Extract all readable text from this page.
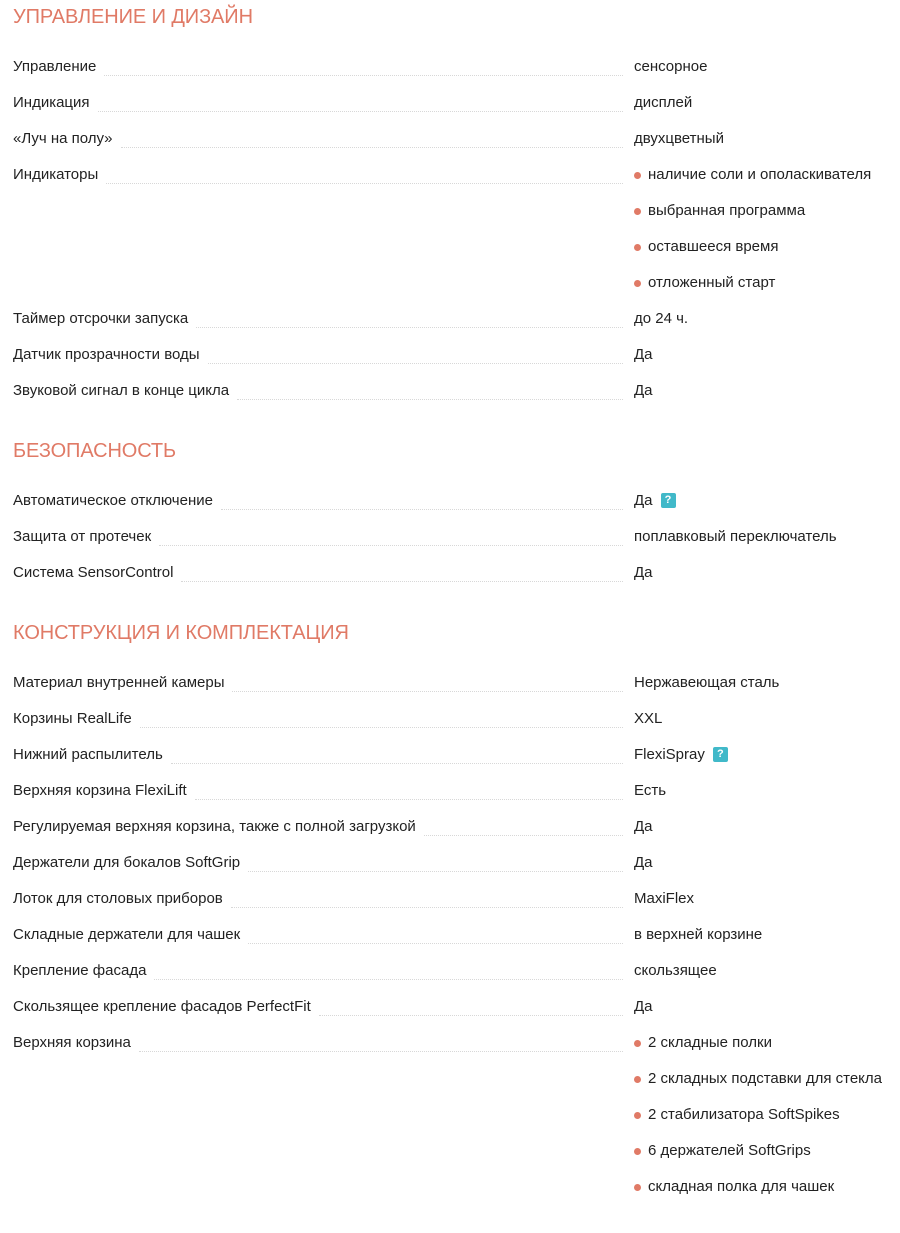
УПРАВЛЕНИЕ И ДИЗАЙН
Управление	сенсорное
Индикация	дисплей
«Луч на полу»	двухцветный
Индикаторы	наличие соли и ополаскивателя
выбранная программа
оставшееся время
отложенный старт
Таймер отсрочки запуска	до 24 ч.
Датчик прозрачности воды	Да
Звуковой сигнал в конце цикла	Да
БЕЗОПАСНОСТЬ
Автоматическое отключение	Да ?
Защита от протечек	поплавковый переключатель
Система SensorControl	Да
КОНСТРУКЦИЯ И КОМПЛЕКТАЦИЯ
Материал внутренней камеры	Нержавеющая сталь
Корзины RealLife	XXL
Нижний распылитель	FlexiSpray ?
Верхняя корзина FlexiLift	Есть
Регулируемая верхняя корзина, также с полной загрузкой	Да
Держатели для бокалов SoftGrip	Да
Лоток для столовых приборов	MaxiFlex
Складные держатели для чашек	в верхней корзине
Крепление фасада	скользящее
Скользящее крепление фасадов PerfectFit	Да
Верхняя корзина	2 складные полки
2 складных подставки для стекла
2 стабилизатора SoftSpikes
6 держателей SoftGrips
складная полка для чашек
